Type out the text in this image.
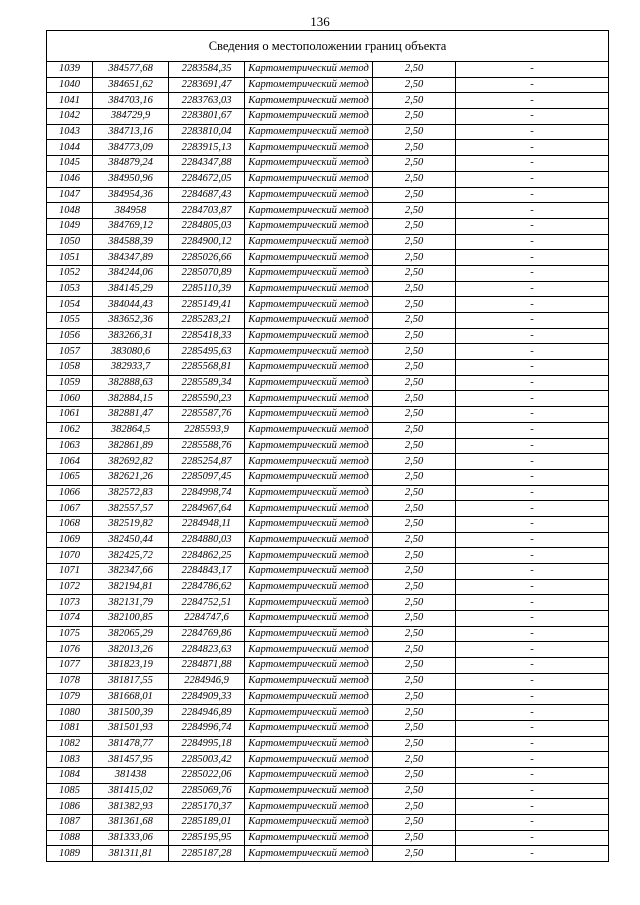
136
Сведения о местоположении границ объекта					
1039	384577,68	2283584,35	Картометрический метод	2,50	-
1040	384651,62	2283691,47	Картометрический метод	2,50	-
1041	384703,16	2283763,03	Картометрический метод	2,50	-
1042	384729,9	2283801,67	Картометрический метод	2,50	-
1043	384713,16	2283810,04	Картометрический метод	2,50	-
1044	384773,09	2283915,13	Картометрический метод	2,50	-
1045	384879,24	2284347,88	Картометрический метод	2,50	-
1046	384950,96	2284672,05	Картометрический метод	2,50	-
1047	384954,36	2284687,43	Картометрический метод	2,50	-
1048	384958	2284703,87	Картометрический метод	2,50	-
1049	384769,12	2284805,03	Картометрический метод	2,50	-
1050	384588,39	2284900,12	Картометрический метод	2,50	-
1051	384347,89	2285026,66	Картометрический метод	2,50	-
1052	384244,06	2285070,89	Картометрический метод	2,50	-
1053	384145,29	2285110,39	Картометрический метод	2,50	-
1054	384044,43	2285149,41	Картометрический метод	2,50	-
1055	383652,36	2285283,21	Картометрический метод	2,50	-
1056	383266,31	2285418,33	Картометрический метод	2,50	-
1057	383080,6	2285495,63	Картометрический метод	2,50	-
1058	382933,7	2285568,81	Картометрический метод	2,50	-
1059	382888,63	2285589,34	Картометрический метод	2,50	-
1060	382884,15	2285590,23	Картометрический метод	2,50	-
1061	382881,47	2285587,76	Картометрический метод	2,50	-
1062	382864,5	2285593,9	Картометрический метод	2,50	-
1063	382861,89	2285588,76	Картометрический метод	2,50	-
1064	382692,82	2285254,87	Картометрический метод	2,50	-
1065	382621,26	2285097,45	Картометрический метод	2,50	-
1066	382572,83	2284998,74	Картометрический метод	2,50	-
1067	382557,57	2284967,64	Картометрический метод	2,50	-
1068	382519,82	2284948,11	Картометрический метод	2,50	-
1069	382450,44	2284880,03	Картометрический метод	2,50	-
1070	382425,72	2284862,25	Картометрический метод	2,50	-
1071	382347,66	2284843,17	Картометрический метод	2,50	-
1072	382194,81	2284786,62	Картометрический метод	2,50	-
1073	382131,79	2284752,51	Картометрический метод	2,50	-
1074	382100,85	2284747,6	Картометрический метод	2,50	-
1075	382065,29	2284769,86	Картометрический метод	2,50	-
1076	382013,26	2284823,63	Картометрический метод	2,50	-
1077	381823,19	2284871,88	Картометрический метод	2,50	-
1078	381817,55	2284946,9	Картометрический метод	2,50	-
1079	381668,01	2284909,33	Картометрический метод	2,50	-
1080	381500,39	2284946,89	Картометрический метод	2,50	-
1081	381501,93	2284996,74	Картометрический метод	2,50	-
1082	381478,77	2284995,18	Картометрический метод	2,50	-
1083	381457,95	2285003,42	Картометрический метод	2,50	-
1084	381438	2285022,06	Картометрический метод	2,50	-
1085	381415,02	2285069,76	Картометрический метод	2,50	-
1086	381382,93	2285170,37	Картометрический метод	2,50	-
1087	381361,68	2285189,01	Картометрический метод	2,50	-
1088	381333,06	2285195,95	Картометрический метод	2,50	-
1089	381311,81	2285187,28	Картометрический метод	2,50	-
